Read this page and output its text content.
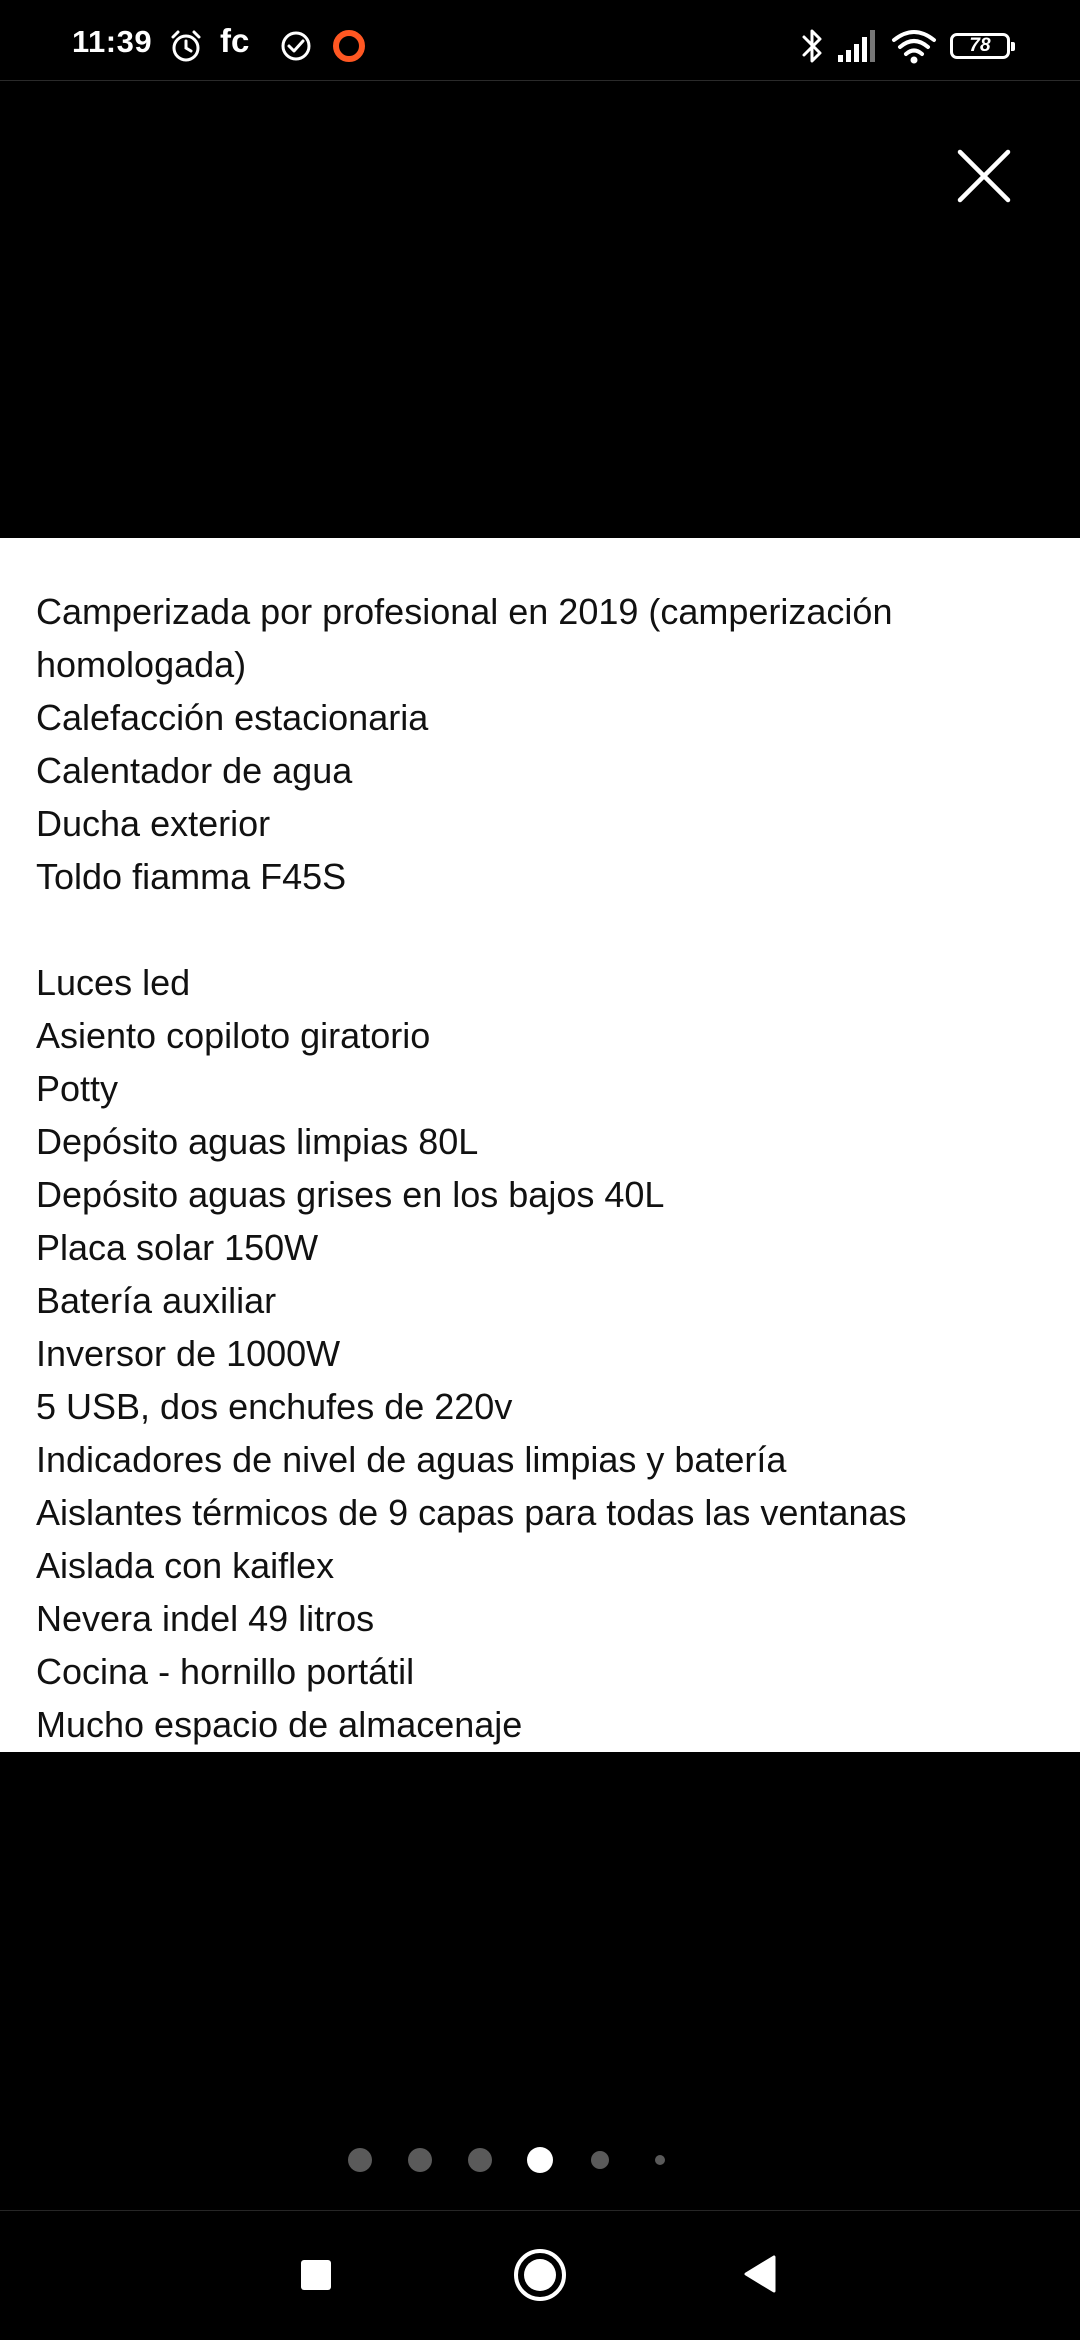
11:39 fc	78
Camperizada por profesional en 2019 (camperización
homologada)
Calefacción estacionaria
Calentador de agua
Ducha exterior
Toldo fiamma F45S
Luces led
Asiento copiloto giratorio
Potty
Depósito aguas limpias 80L
Depósito aguas grises en los bajos 40L
Placa solar 150W
Batería auxiliar
Inversor de 1000W
5 USB, dos enchufes de 220v
Indicadores de nivel de aguas limpias y batería
Aislantes térmicos de 9 capas para todas las ventanas
Aislada con kaiflex
Nevera indel 49 litros
Cocina - hornillo portátil
Mucho espacio de almacenaje
